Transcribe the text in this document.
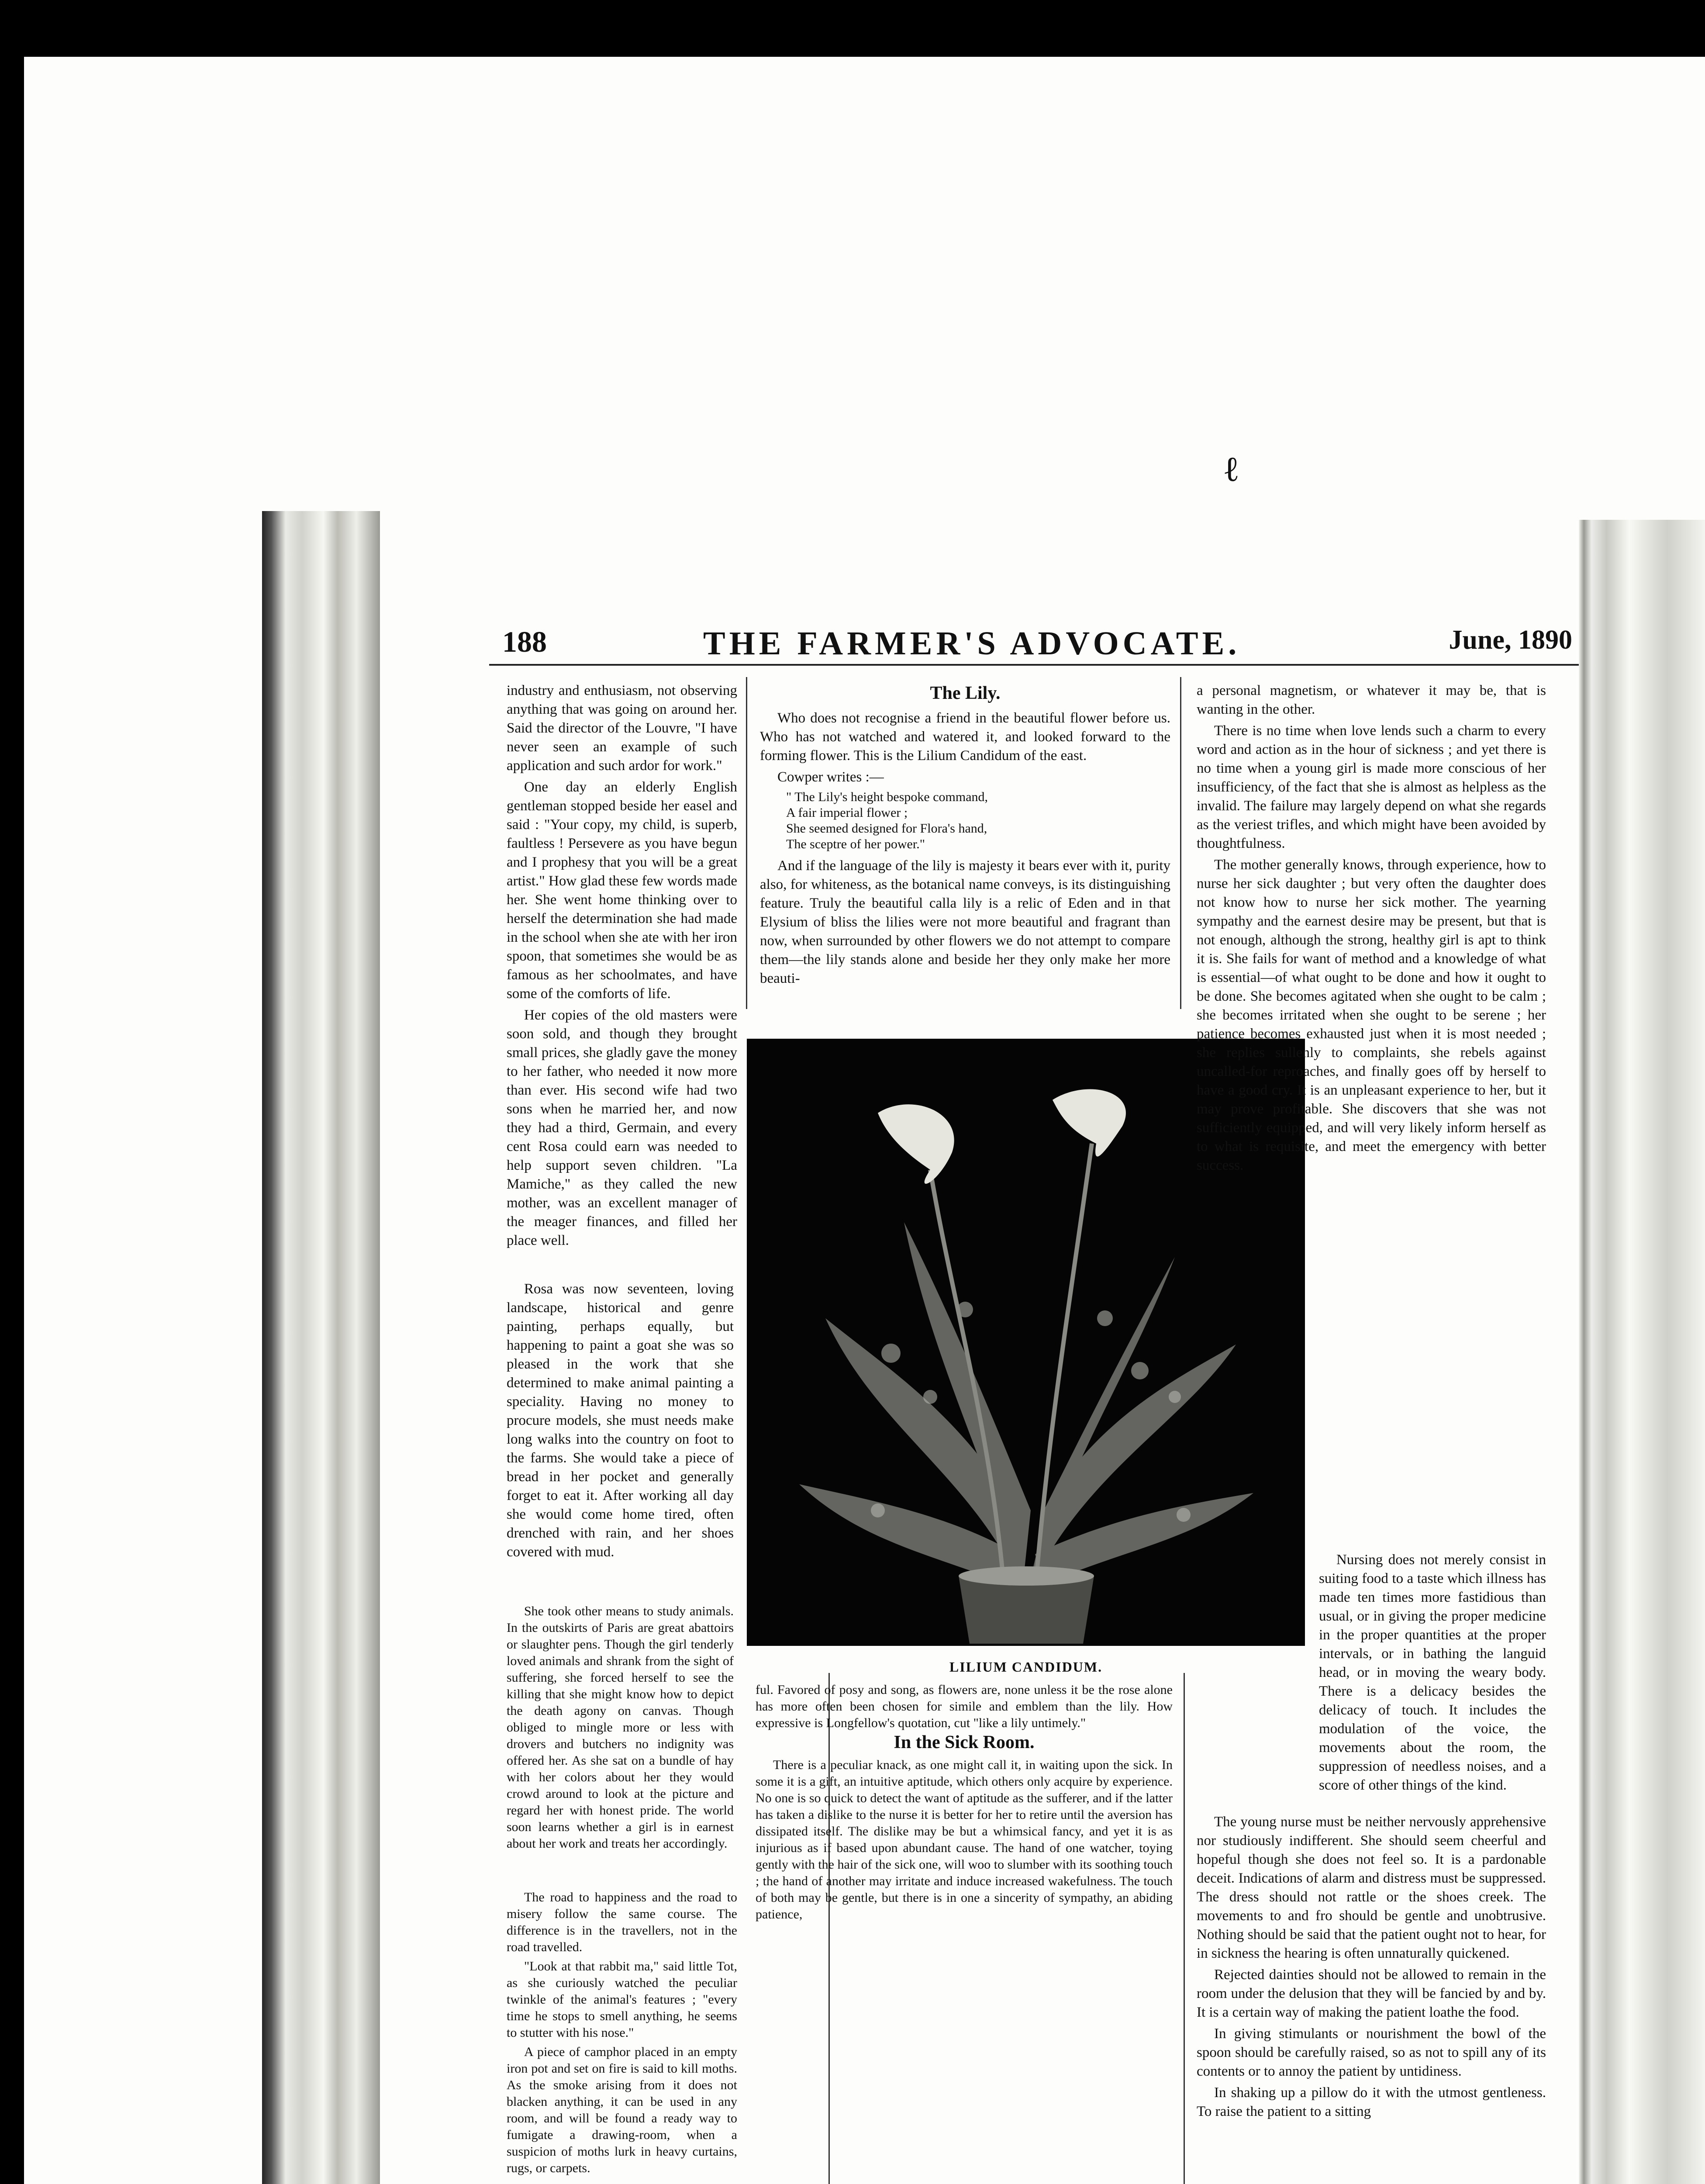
ℓ
188	THE FARMER'S ADVOCATE.	June, 1890

industry and enthusiasm, not observing anything that was going on around her. Said the director of the Louvre, "I have never seen an example of such application and such ardor for work."

One day an elderly English gentleman stopped beside her easel and said : "Your copy, my child, is superb, faultless ! Persevere as you have begun and I prophesy that you will be a great artist." How glad these few words made her. She went home thinking over to herself the determination she had made in the school when she ate with her iron spoon, that sometimes she would be as famous as her schoolmates, and have some of the comforts of life.

Her copies of the old masters were soon sold, and though they brought small prices, she gladly gave the money to her father, who needed it now more than ever. His second wife had two sons when he married her, and now they had a third, Germain, and every cent Rosa could earn was needed to help support seven children. "La Mamiche," as they called the new mother, was an excellent manager of the meager finances, and filled her place well.

Rosa was now seventeen, loving landscape, historical and genre painting, perhaps equally, but happening to paint a goat she was so pleased in the work that she determined to make animal painting a speciality. Having no money to procure models, she must needs make long walks into the country on foot to the farms. She would take a piece of bread in her pocket and generally forget to eat it. After working all day she would come home tired, often drenched with rain, and her shoes covered with mud.

She took other means to study animals. In the outskirts of Paris are great abattoirs or slaughter pens. Though the girl tenderly loved animals and shrank from the sight of suffering, she forced herself to see the killing that she might know how to depict the death agony on canvas. Though obliged to mingle more or less with drovers and butchers no indignity was offered her. As she sat on a bundle of hay with her colors about her they would crowd around to look at the picture and regard her with honest pride. The world soon learns whether a girl is in earnest about her work and treats her accordingly.

The road to happiness and the road to misery follow the same course. The difference is in the travellers, not in the road travelled.

"Look at that rabbit ma," said little Tot, as she curiously watched the peculiar twinkle of the animal's features ; "every time he stops to smell anything, he seems to stutter with his nose."

A piece of camphor placed in an empty iron pot and set on fire is said to kill moths. As the smoke arising from it does not blacken anything, it can be used in any room, and will be found a ready way to fumigate a drawing-room, when a suspicion of moths lurk in heavy curtains, rugs, or carpets.

The Lily.

Who does not recognise a friend in the beautiful flower before us. Who has not watched and watered it, and looked forward to the forming flower. This is the Lilium Candidum of the east.

Cowper writes :—

" The Lily's height bespoke command,
A fair imperial flower ;
She seemed designed for Flora's hand,
The sceptre of her power."

And if the language of the lily is majesty it bears ever with it, purity also, for whiteness, as the botanical name conveys, is its distinguishing feature. Truly the beautiful calla lily is a relic of Eden and in that Elysium of bliss the lilies were not more beautiful and fragrant than now, when surrounded by other flowers we do not attempt to compare them—the lily stands alone and beside her they only make her more beauti-

LILIUM CANDIDUM.

ful. Favored of posy and song, as flowers are, none unless it be the rose alone has more often been chosen for simile and emblem than the lily. How expressive is Longfellow's quotation, cut "like a lily untimely."

In the Sick Room.

There is a peculiar knack, as one might call it, in waiting upon the sick. In some it is a gift, an intuitive aptitude, which others only acquire by experience. No one is so quick to detect the want of aptitude as the sufferer, and if the latter has taken a dislike to the nurse it is better for her to retire until the aversion has dissipated itself. The dislike may be but a whimsical fancy, and yet it is as injurious as if based upon abundant cause. The hand of one watcher, toying gently with the hair of the sick one, will woo to slumber with its soothing touch ; the hand of another may irritate and induce increased wakefulness. The touch of both may be gentle, but there is in one a sincerity of sympathy, an abiding patience,

a personal magnetism, or whatever it may be, that is wanting in the other.

There is no time when love lends such a charm to every word and action as in the hour of sickness ; and yet there is no time when a young girl is made more conscious of her insufficiency, of the fact that she is almost as helpless as the invalid. The failure may largely depend on what she regards as the veriest trifles, and which might have been avoided by thoughtfulness.

The mother generally knows, through experience, how to nurse her sick daughter ; but very often the daughter does not know how to nurse her sick mother. The yearning sympathy and the earnest desire may be present, but that is not enough, although the strong, healthy girl is apt to think it is. She fails for want of method and a knowledge of what is essential—of what ought to be done and how it ought to be done. She becomes agitated when she ought to be calm ; she becomes irritated when she ought to be serene ; her patience becomes exhausted just when it is most needed ; she replies sullenly to complaints, she rebels against uncalled-for reproaches, and finally goes off by herself to have a good cry. It is an unpleasant experience to her, but it may prove profitable. She discovers that she was not sufficiently equipped, and will very likely inform herself as to what is requisite, and meet the emergency with better success.

Nursing does not merely consist in suiting food to a taste which illness has made ten times more fastidious than usual, or in giving the proper medicine in the proper quantities at the proper intervals, or in bathing the languid head, or in moving the weary body. There is a delicacy besides the delicacy of touch. It includes the modulation of the voice, the movements about the room, the suppression of needless noises, and a score of other things of the kind.

The young nurse must be neither nervously apprehensive nor studiously indifferent. She should seem cheerful and hopeful though she does not feel so. It is a pardonable deceit. Indications of alarm and distress must be suppressed. The dress should not rattle or the shoes creek. The movements to and fro should be gentle and unobtrusive. Nothing should be said that the patient ought not to hear, for in sickness the hearing is often unnaturally quickened.

Rejected dainties should not be allowed to remain in the room under the delusion that they will be fancied by and by. It is a certain way of making the patient loathe the food.

In giving stimulants or nourishment the bowl of the spoon should be carefully raised, so as not to spill any of its contents or to annoy the patient by untidiness.

In shaking up a pillow do it with the utmost gentleness. To raise the patient to a sitting
